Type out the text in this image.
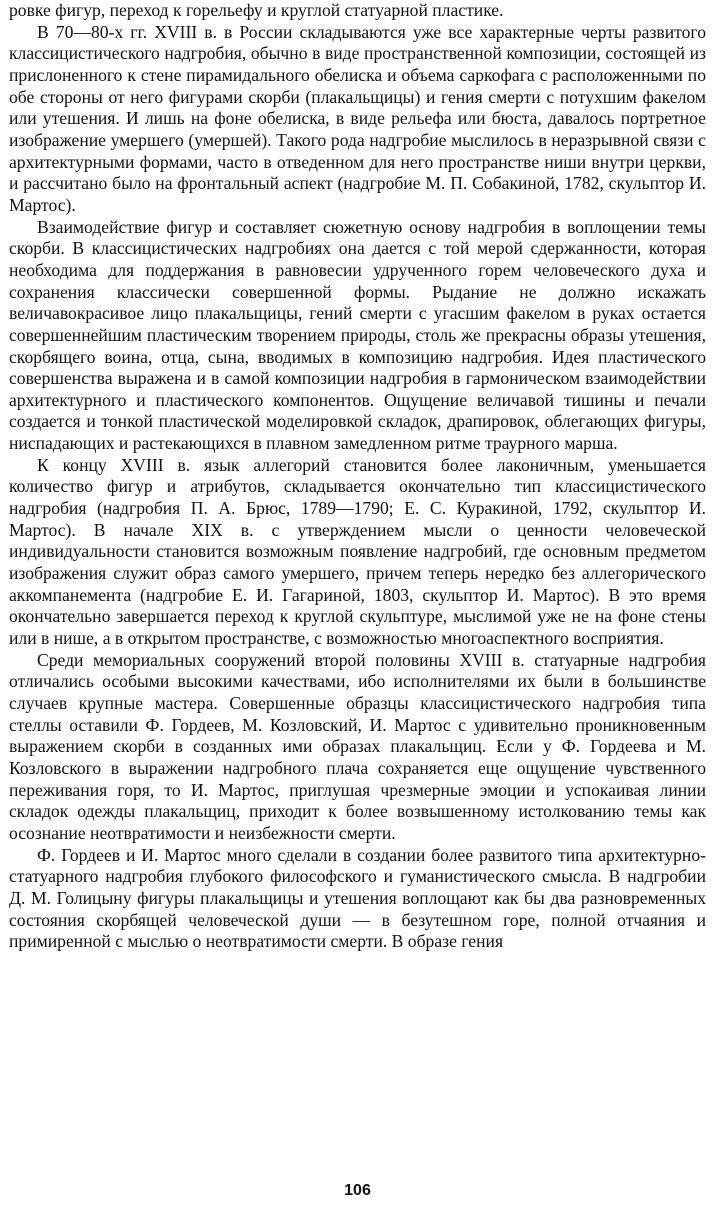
ровке фигур, переход к горельефу и круглой статуарной пластике.

В 70—80-х гг. XVIII в. в России складываются уже все характерные черты развитого классицистического надгробия, обычно в виде пространственной композиции, состоящей из прислоненного к стене пирамидального обелиска и объема саркофага с расположенными по обе стороны от него фигурами скорби (плакальщицы) и гения смерти с потухшим факелом или утешения. И лишь на фоне обелиска, в виде рельефа или бюста, давалось портретное изображение умершего (умершей). Такого рода надгробие мыслилось в неразрывной связи с архитектурными формами, часто в отведенном для него пространстве ниши внутри церкви, и рассчитано было на фронтальный аспект (надгробие М. П. Собакиной, 1782, скульптор И. Мартос).

Взаимодействие фигур и составляет сюжетную основу надгробия в воплощении темы скорби. В классицистических надгробиях она дается с той мерой сдержанности, которая необходима для поддержания в равновесии удрученного горем человеческого духа и сохранения классически совершенной формы. Рыдание не должно искажать величавокрасивое лицо плакальщицы, гений смерти с угасшим факелом в руках остается совершеннейшим пластическим творением природы, столь же прекрасны образы утешения, скорбящего воина, отца, сына, вводимых в композицию надгробия. Идея пластического совершенства выражена и в самой композиции надгробия в гармоническом взаимодействии архитектурного и пластического компонентов. Ощущение величавой тишины и печали создается и тонкой пластической моделировкой складок, драпировок, облегающих фигуры, ниспадающих и растекающихся в плавном замедленном ритме траурного марша.

К концу XVIII в. язык аллегорий становится более лаконичным, уменьшается количество фигур и атрибутов, складывается окончательно тип классицистического надгробия (надгробия П. А. Брюс, 1789—1790; Е. С. Куракиной, 1792, скульптор И. Мартос). В начале XIX в. с утверждением мысли о ценности человеческой индивидуальности становится возможным появление надгробий, где основным предметом изображения служит образ самого умершего, причем теперь нередко без аллегорического аккомпанемента (надгробие Е. И. Гагариной, 1803, скульптор И. Мартос). В это время окончательно завершается переход к круглой скульптуре, мыслимой уже не на фоне стены или в нише, а в открытом пространстве, с возможностью многоаспектного восприятия.

Среди мемориальных сооружений второй половины XVIII в. статуарные надгробия отличались особыми высокими качествами, ибо исполнителями их были в большинстве случаев крупные мастера. Совершенные образцы классицистического надгробия типа стеллы оставили Ф. Гордеев, М. Козловский, И. Мартос с удивительно проникновенным выражением скорби в созданных ими образах плакальщиц. Если у Ф. Гордеева и М. Козловского в выражении надгробного плача сохраняется еще ощущение чувственного переживания горя, то И. Мартос, приглушая чрезмерные эмоции и успокаивая линии складок одежды плакальщиц, приходит к более возвышенному истолкованию темы как осознание неотвратимости и неизбежности смерти.

Ф. Гордеев и И. Мартос много сделали в создании более развитого типа архитектурно-статуарного надгробия глубокого философского и гуманистического смысла. В надгробии Д. М. Голицыну фигуры плакальщицы и утешения воплощают как бы два разновременных состояния скорбящей человеческой души — в безутешном горе, полной отчаяния и примиренной с мыслью о неотвратимости смерти. В образе гения

106
